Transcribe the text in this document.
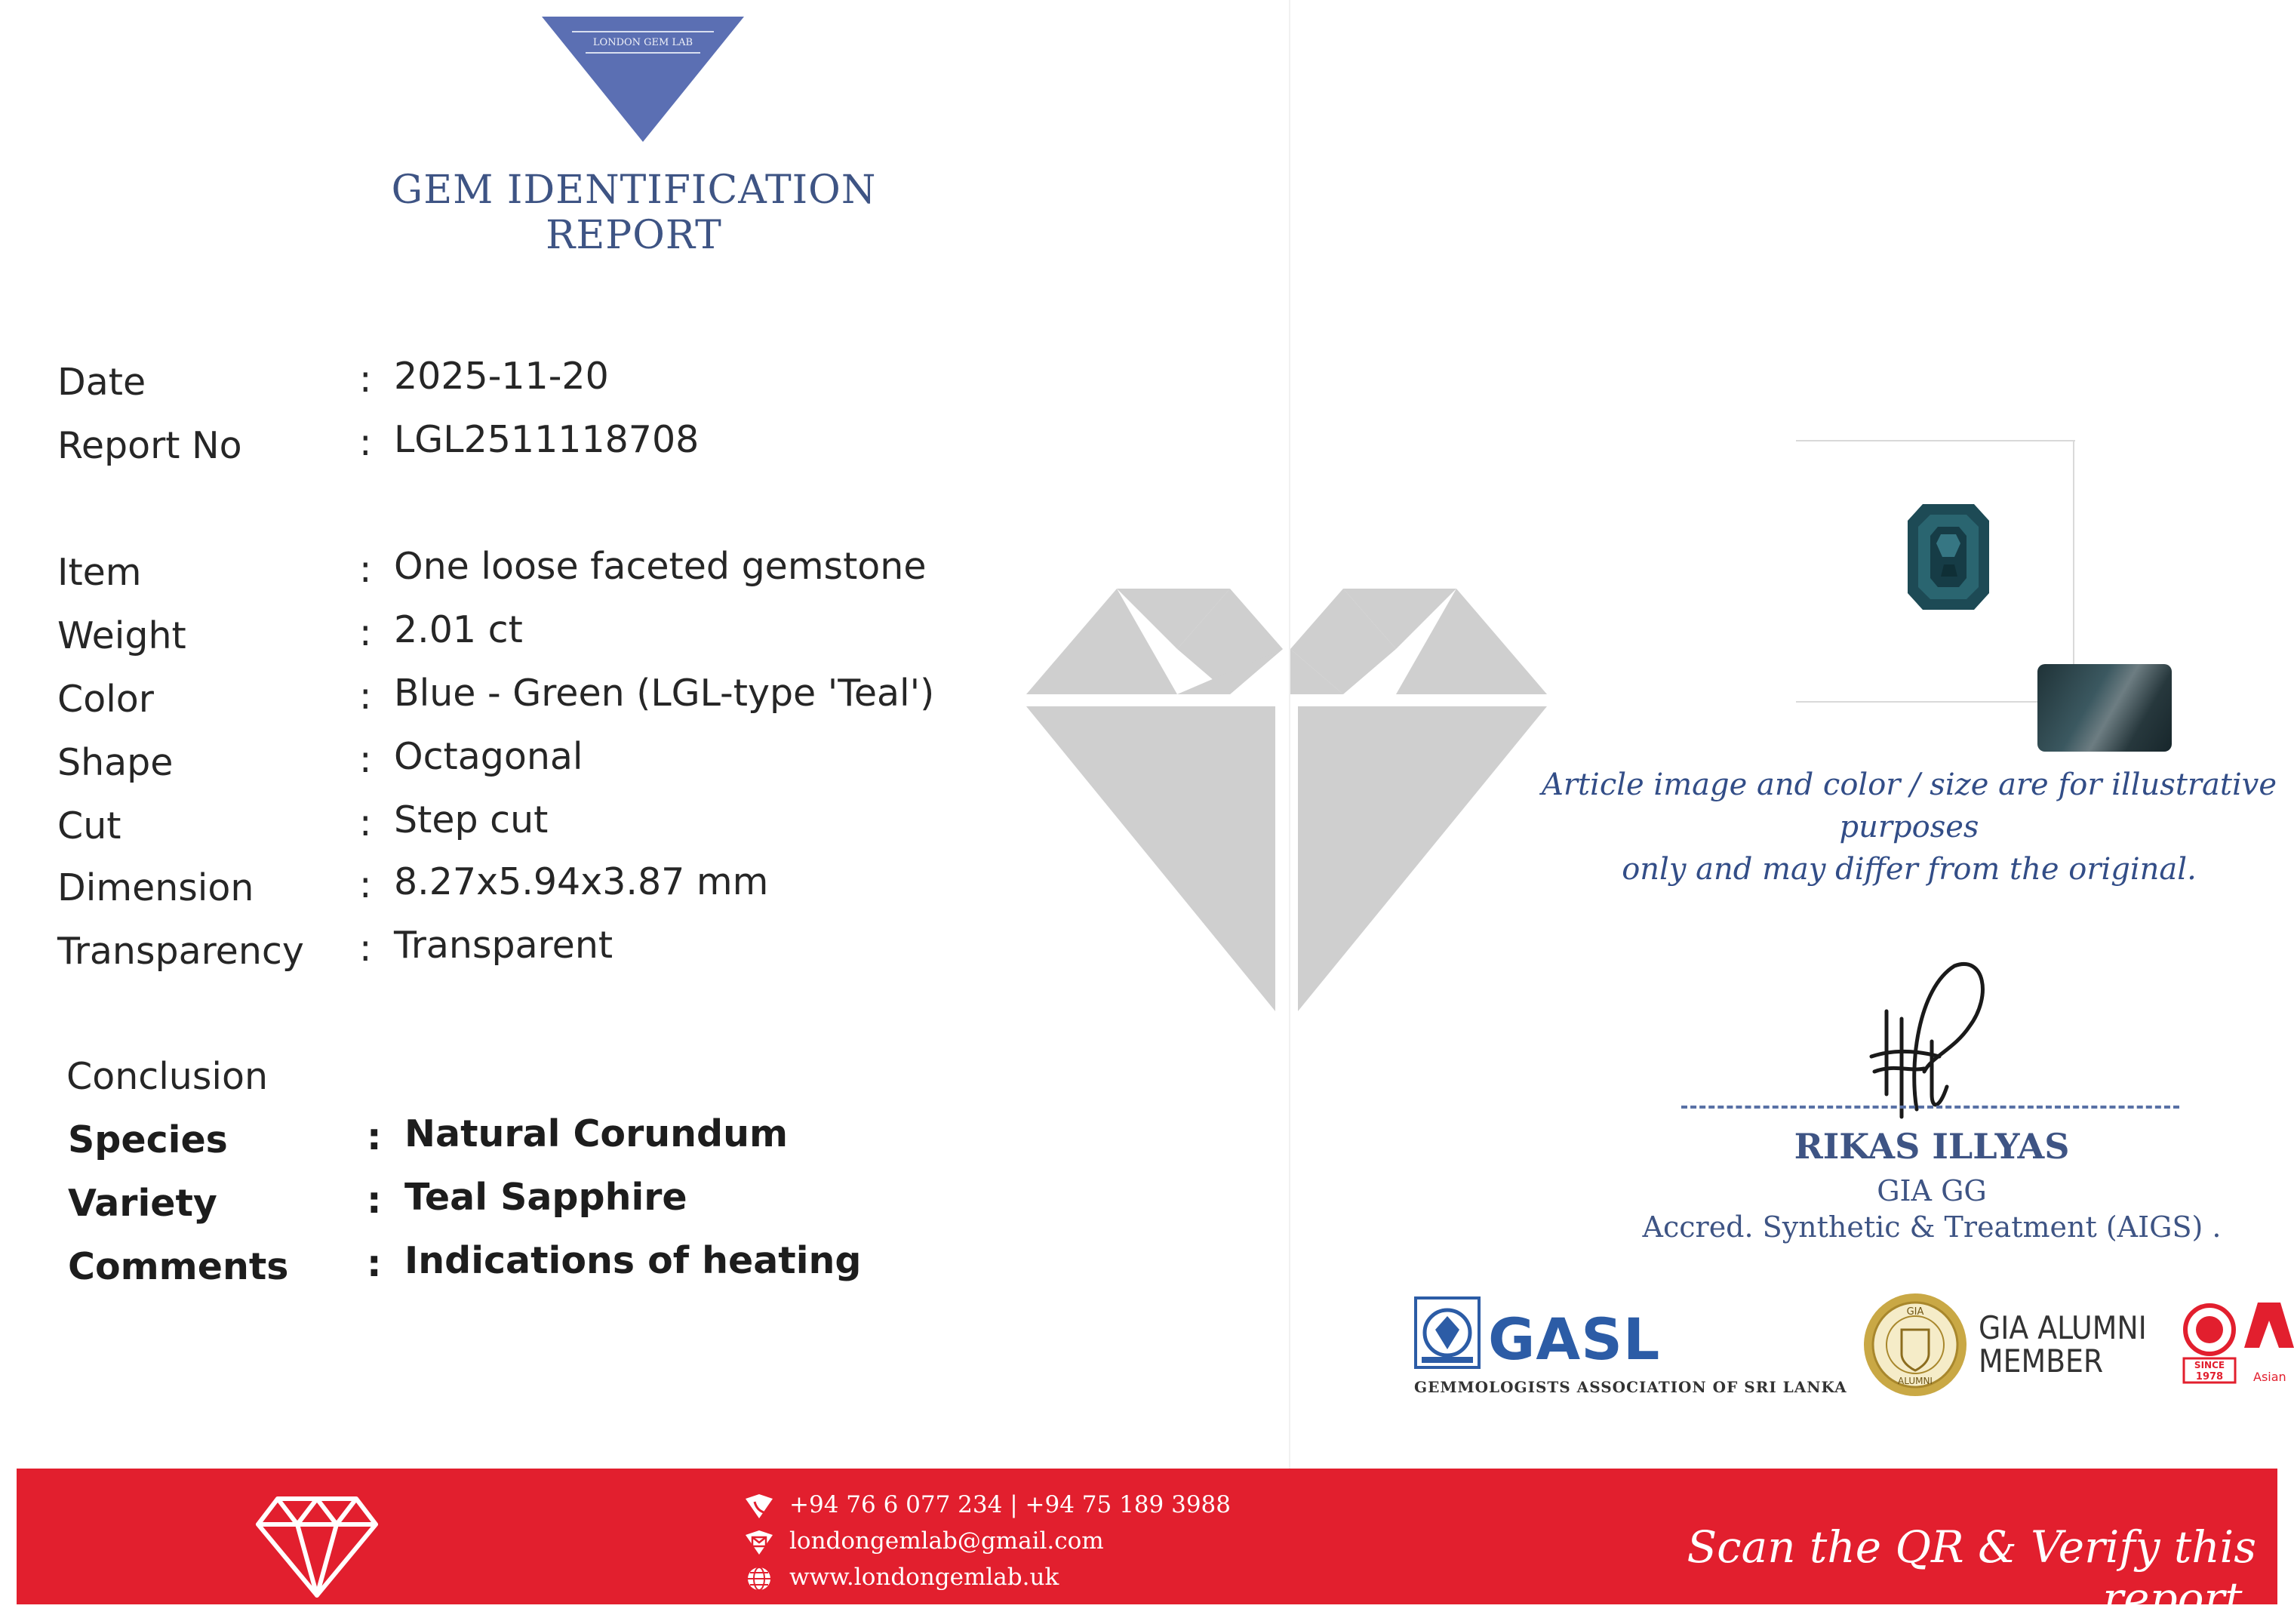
LONDON GEM LAB
GEM IDENTIFICATION REPORT
Date	: 2025-11-20
Report No	: LGL2511118708
Item	: One loose faceted gemstone
Weight	: 2.01 ct
Color	: Blue - Green (LGL-type 'Teal')
Shape	: Octagonal
Cut	: Step cut
Dimension	: 8.27x5.94x3.87 mm
Transparency : Transparent
Conclusion
Species	: Natural Corundum
Variety	: Teal Sapphire
Comments : Indications of heating
Article image and color / size are for illustrative purposes
only and may differ from the original.
RIKAS ILLYAS
GIA GG
Accred. Synthetic & Treatment (AIGS) .
GASL
GEMMOLOGISTS ASSOCIATION OF SRI LANKA
GIA
ALUMNI
GIA ALUMNI
MEMBER	SINCE
1978 Asian
+94 76 6 077 234 | +94 75 189 3988
londongemlab@gmail.com
www.londongemlab.uk
Scan the QR & Verify this report.
